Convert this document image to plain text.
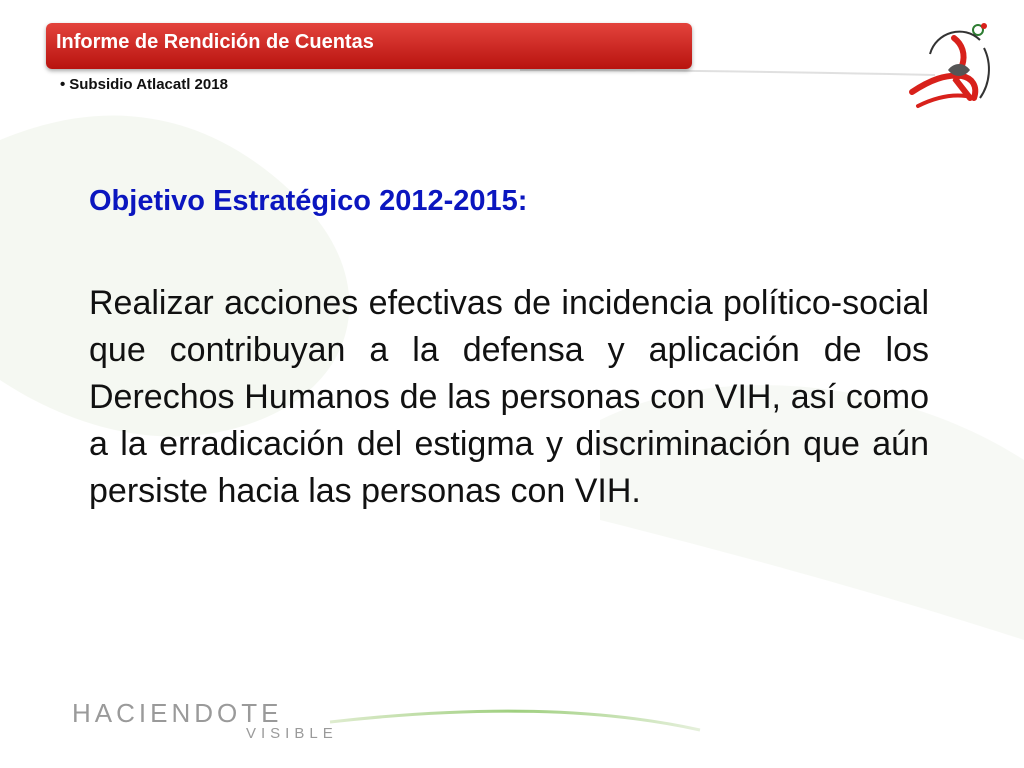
Informe de Rendición de Cuentas
• Subsidio Atlacatl 2018
Objetivo Estratégico 2012-2015:

Realizar acciones efectivas de incidencia político-social que contribuyan a la defensa y aplicación de los Derechos Humanos de las personas con VIH, así como a la erradicación del estigma y discriminación que aún persiste hacia las personas con VIH.

HACIENDOTE
VISIBLE
